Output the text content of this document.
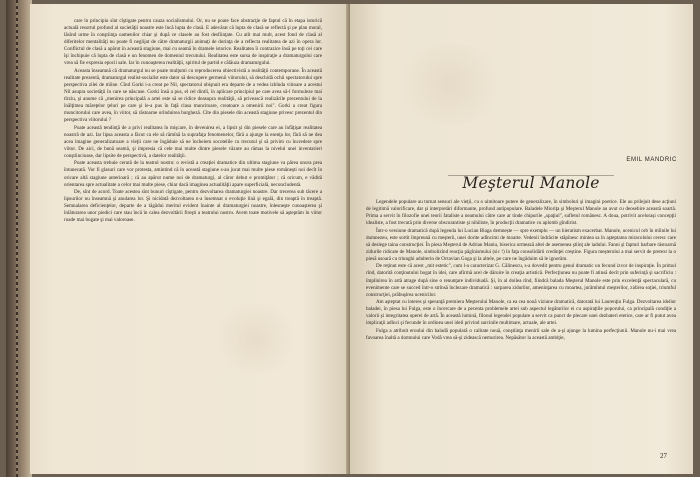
care în principiu sînt cîştigate pentru cauza socialismului. Or, nu se poate face abstracţie de faptul că în etapa istorică actuală resortul profund al societăţii noastre este încă lupta de clasă. E adevărat că lupta de clasă se reflectă şi pe plan moral, lăsînd urme în conştiinţa oamenilor chiar şi după ce clasele au fost desfiinţate. Cu atît mai mult, acest fond de clasă al diferitelor mentalităţi nu poate fi neglijat de către dramaturgii animaţi de dorinţa de a reflecta realitatea de azi în opera lor. Conflictul de clasă a apărut în această stagiune, mai cu seamă în dramele istorice. Realitatea îi contrazice însă pe toţi cei care îşi închipuie că lupta de clasă e un fenomen de domeniul trecutului. Realitatea este sursa de inspiraţie a dramaturgului care vrea să fie expresia epocii sale. Iar în cunoaşterea realităţii, spiritul de partid e călăuza dramaturgului.

Aceasta înseamnă că dramaturgul nu se poate mulţumi cu reproducerea obiectivistă a realităţii contemporane. În această realitate prezentă, dramaturgul realist-socialist este dator să descopere germenii viitorului, să deschidă ochii spectatorului spre perspectiva zilei de mîine. Cînd Gorki i-a creat pe Nil, spectatorul obişnuit era departe de a vedea izbînda viitoare a acestui Nil asupra societăţii în care se născuse. Gorki însă a pus, el cel dintîi, în aplicare principiul pe care avea să-l formuleze mai tîrziu, şi anume că „menirea principală a artei este să se ridice deasupra realităţii, să privească realizările prezentului de la înălţimea măreţelor ţeluri pe care şi le-a pus în faţă clasa muncitoare, creatoare a omenirii noi". Gorki a creat figura muncitorului care avea, în viitor, să răstoarne orînduirea burgheză. Cîte din piesele din această stagiune privesc prezentul din perspectiva viitorului ?

Poate această tendinţă de a privi realitatea în mişcare, în devenirea ei, a lipsit şi din piesele care au înfăţişat realitatea noastră de azi. Iar lipsa aceasta a făcut ca ele să rămînă la suprafaţa fenomenelor, fără a ajunge la esenţa lor, fără să ne dea acea imagine generalizatoare a vieţii care ne îngăduie să ne încheiem socotelile cu trecutul şi să privim cu încredere spre viitor. De aici, de bună seamă, şi impresia că cele mai multe dintre piesele văzute au rămas la nivelul unei inventarieri conştiincioase, dar lipsite de perspectivă, a datelor realităţii.

Poate aceasta trebuie cerută de la teatrul nostru: o revistă a creaţiei dramatice din ultima stagiune va părea unora prea întunecată. Vor fi glasuri care vor protesta, amintind că în această stagiune s-au jucat mai multe piese româneşti noi decît în oricare altă stagiune anterioară ; că au apărut nume noi de dramaturgi, al căror debut e promiţător ; că oricum, e vădită orientarea spre actualitate a celor mai multe piese, chiar dacă imaginea actualităţii apare superficială, neconcludentă.

De, sînt de acord. Toate acestea sînt bunuri cîştigate, pentru dezvoltarea dramaturgiei noastre. Dar trecerea sub tăcere a lipsurilor nu înseamnă şi anularea lor. Şi nicidată dezvoltarea n-a însemnat o evoluţie lină şi egală, din treaptă în treaptă. Semnalarea deficienţelor, departe de a tăgădui meritul evident înainte al dramaturgiei noastre, înlesneşte cunoaşterea şi înlăturarea unor piedici care stau încă în calea dezvoltării fireşti a teatrului nostru. Avem toate motivele să aşteptăm în viitor roade mai bogate şi mai valoroase.

EMIL MANDRIC
Meşterul Manole

Legendele populare au turnat sensuri ale vieţii, cu o uimitoare putere de generalizare, în simboluri şi imagini poetice. Ele au prilejuit dese acţiuni de legitimă valorificare, dar şi interpretări diformante, profund antipopulare. Baladele Mioriţa şi Meşterul Manole au avut cu deosebire această soartă. Prima a servit în filozofie unei teorii fataliste a neamului către care ar tinde chipurile „spaţiul", sufletul românesc. A doua, potrivit acelorași concepţii idealiste, a fost trecută prin diverse obscurantiste şi nihiliste, în producţii dramatice cu aplomb gîndirist.

Într-o versiune dramatică după legenda lui Lucian Blaga demnește — spre exemplu — un hieratism exacerbat. Manole, ucenicul orb în mîinile lui dumnezeu, este sortit împreună cu meşterii, unei dorite adîncimi de moarte. Vedenii îndrăcite stăpînesc mintea sa în aşteptarea miracolului ceresc care să deslege taina construcţiei. În piesa Meşterul de Adrian Maniu, biserica urmează altei de asemenea ştiinţ ale iadului. Fanni şi fapturi barbare răstoarnă zidurile ridicate de Manole, simbolizînd reacţia păgînismului (sic !) în faţa consolidării credinţei creştine. Figura meşterului a mai servit de pretext la o piesă usoară cu triunghi adulterin de Octavian Goga şi la altele, pe care ne îngăduim să le ignorăm.

De reţinut este că acest „mit estetic", cum l-a caracterizat G. Călinescu, s-a dovedit pentru genul dramatic un fecund izvor de inspiraţie. În primul rînd, datorită conţinutului bogat în idei, care afirmă acel de dăruire în creaţia artistică. Perfecţiunea nu poate fi atinsă decît prin suferinţă şi sacrificiu : împlinirea în artă atrage după sine o renunţare individuală. Şi, în al doilea rînd, fiindcă balada Meşterul Manole este prin excelenţă spectaculară, cu evenimente care se succed într-o strînsă înclezare dramatică : surparea zidurilor, ameninţarea cu moartea, jurămîntul meşterilor, zidirea soţiei, triumful construcţiei, prăbuşirea ucenicilor.

Am aşteptat cu interes şi speranţă premiera Meşterului Manole, ca ea cea nouă viziune dramatică, datorată lui Laurenţiu Fulga. Dezvoltarea ideilor baladei, în piesa lui Fulga, este o încercare de a pecenta problemele artei sub aspectul legăturilor ei cu aspiraţiile poporului, ca principală condiţie a valorii şi integritatea operei de artă. În această lumină, filonul legendei populare a servit ca punct de plecare unei dezbateri etetice, care ar fi putut avea implicaţii adînci şi fecunde în ordinea unei ideil privind sarcinile multimare, actuale, ale artei.

Fulga a atribuit eroului din baladă populară o calitate nouă, conştiinţa menirii sale de a-şi ajunge la lumina perfecţiunii. Manole nu-i mai vrea favoarea înaltă a domnului care Vodă vrea să-şi zidească nemurirea. Nepăsător la această ambiţie,

27
